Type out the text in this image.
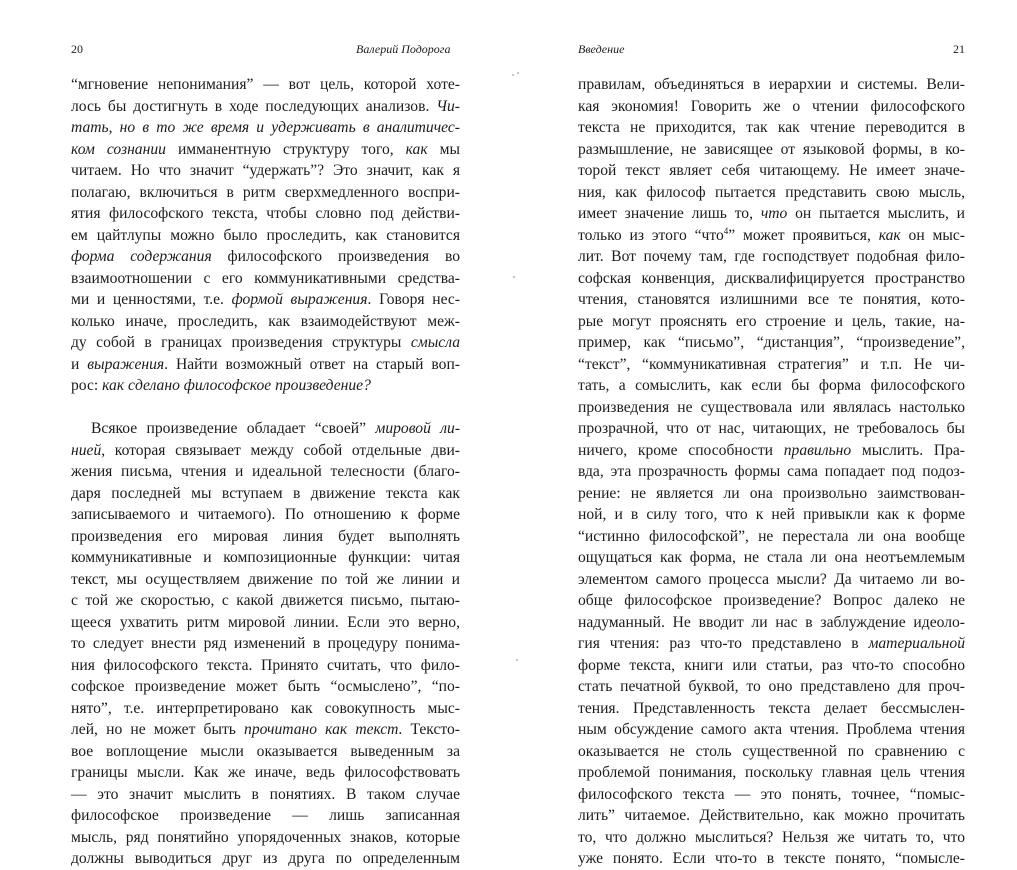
20	Валерий Подорога
“мгновение непонимания” — вот цель, которой хоте-
лось бы достигнуть в ходе последующих анализов. Чи-
тать, но в то же время и удерживать в аналитичес-
ком сознании имманентную структуру того, как мы
читаем. Но что значит “удержать”? Это значит, как я
полагаю, включиться в ритм сверхмедленного воспри-
ятия философского текста, чтобы словно под действи-
ем цайтлупы можно было проследить, как становится
форма содержания философского произведения во
взаимоотношении с его коммуникативными средства-
ми и ценностями, т.е. формой выражения. Говоря нес-
колько иначе, проследить, как взаимодействуют меж-
ду собой в границах произведения структуры смысла
и выражения. Найти возможный ответ на старый воп-
рос: как сделано философское произведение?
Всякое произведение обладает “своей” мировой ли-
нией, которая связывает между собой отдельные дви-
жения письма, чтения и идеальной телесности (благо-
даря последней мы вступаем в движение текста как
записываемого и читаемого). По отношению к форме
произведения его мировая линия будет выполнять
коммуникативные и композиционные функции: читая
текст, мы осуществляем движение по той же линии и
с той же скоростью, с какой движется письмо, пытаю-
щееся ухватить ритм мировой линии. Если это верно,
то следует внести ряд изменений в процедуру понима-
ния философского текста. Принято считать, что фило-
софское произведение может быть “осмыслено”, “по-
нято”, т.е. интерпретировано как совокупность мыс-
лей, но не может быть прочитано как текст. Тексто-
вое воплощение мысли оказывается выведенным за
границы мысли. Как же иначе, ведь философствовать
— это значит мыслить в понятиях. В таком случае
философское произведение — лишь записанная
мысль, ряд понятийно упорядоченных знаков, которые
должны выводиться друг из друга по определенным
Введение	21
правилам, объединяться в иерархии и системы. Вели-
кая экономия! Говорить же о чтении философского
текста не приходится, так как чтение переводится в
размышление, не зависящее от языковой формы, в ко-
торой текст являет себя читающему. Не имеет значе-
ния, как философ пытается представить свою мысль,
имеет значение лишь то, что он пытается мыслить, и
только из этого “что$^4$” может проявиться, как он мыс-
лит. Вот почему там, где господствует подобная фило-
софская конвенция, дисквалифицируется пространство
чтения, становятся излишними все те понятия, кото-
рые могут прояснять его строение и цель, такие, на-
пример, как “письмо”, “дистанция”, “произведение”,
“текст”, “коммуникативная стратегия” и т.п. Не чи-
тать, а сомыслить, как если бы форма философского
произведения не существовала или являлась настолько
прозрачной, что от нас, читающих, не требовалось бы
ничего, кроме способности правильно мыслить. Пра-
вда, эта прозрачность формы сама попадает под подоз-
рение: не является ли она произвольно заимствован-
ной, и в силу того, что к ней привыкли как к форме
“истинно философской”, не перестала ли она вообще
ощущаться как форма, не стала ли она неотъемлемым
элементом самого процесса мысли? Да читаемо ли во-
обще философское произведение? Вопрос далеко не
надуманный. Не вводит ли нас в заблуждение идеоло-
гия чтения: раз что-то представлено в материальной
форме текста, книги или статьи, раз что-то способно
стать печатной буквой, то оно представлено для проч-
тения. Представленность текста делает бессмыслен-
ным обсуждение самого акта чтения. Проблема чтения
оказывается не столь существенной по сравнению с
проблемой понимания, поскольку главная цель чтения
философского текста — это понять, точнее, “помыс-
лить” читаемое. Действительно, как можно прочитать
то, что должно мыслиться? Нельзя же читать то, что
уже понято. Если что-то в тексте понято, “помысле-
